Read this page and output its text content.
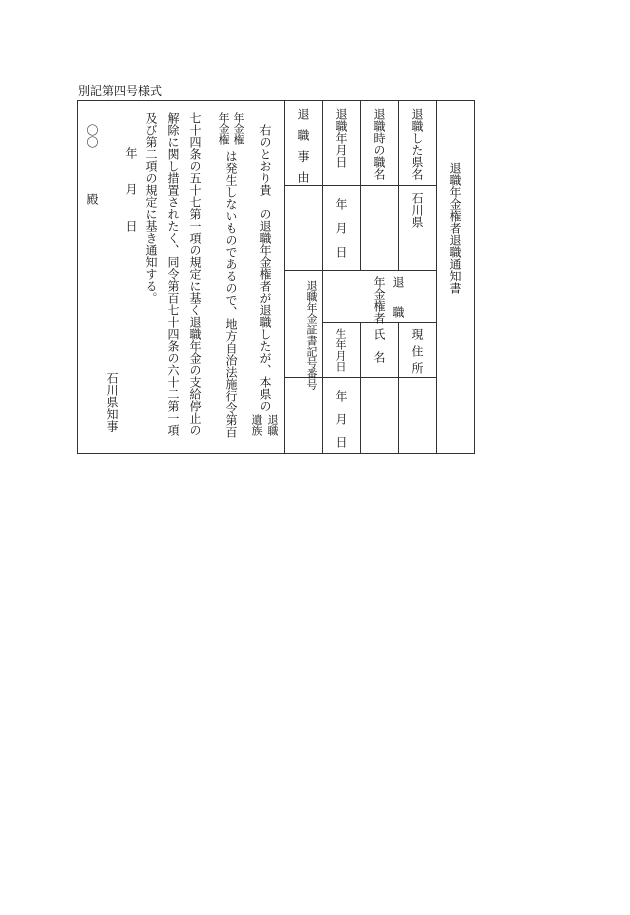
別記第四号様式
退職年金権者退職通知書
退職した県名
石川県
退職時の職名
退職年月日
年
月
日
退職事由
退
職
年金権者
現住所
氏名
生年月日
年
月
日
退職年金証書記号番号
右のとおり貴　の退職年金権者が退職したが、本県の
退職
遺族
年金権
年金権
は発生しないものであるので、地方自治法施行令第百
七十四条の五十七第一項の規定に基く退職年金の支給停止の
解除に関し措置されたく、同令第百七十四条の六十二第一項
及び第二項の規定に基き通知する。
年
月
日
石川県知事
〇〇
殿
